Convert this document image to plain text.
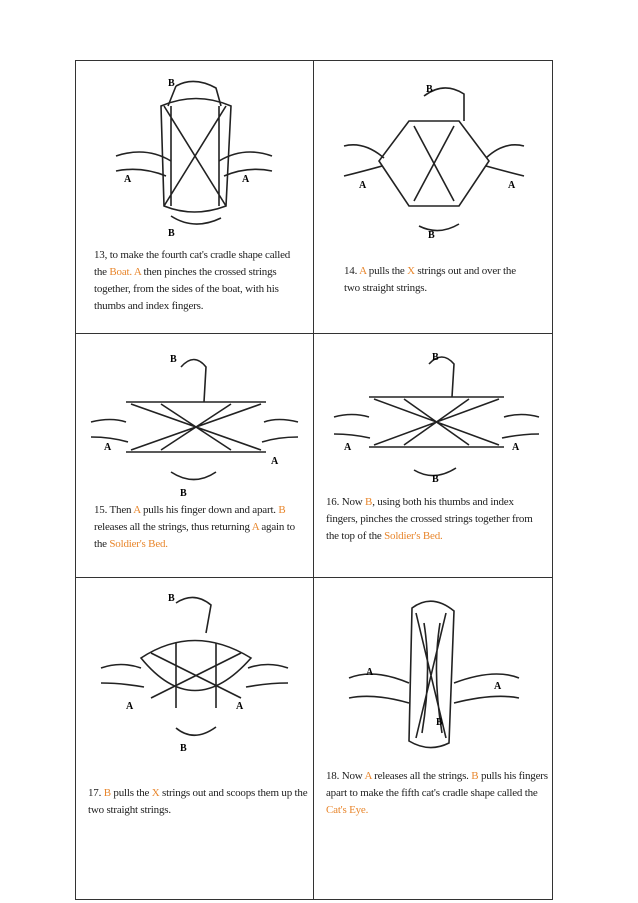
B
A	A
B
13, to make the fourth cat's cradle shape called the Boat. A then pinches the crossed strings together, from the sides of the boat, with his thumbs and index fingers.
B
A	A
B
14. A pulls the X strings out and over the two straight strings.
B
A
A
B
15. Then A pulls his finger down and apart. B releases all the strings, thus returning A again to the Soldier's Bed.
B
A	A
B
16. Now B, using both his thumbs and index fingers, pinches the crossed strings together from the top of the Soldier's Bed.
B
A	A
B
17. B pulls the X strings out and scoops them up the two straight strings.
A
A
B
18. Now A releases all the strings. B pulls his fingers apart to make the fifth cat's cradle shape called the Cat's Eye.
